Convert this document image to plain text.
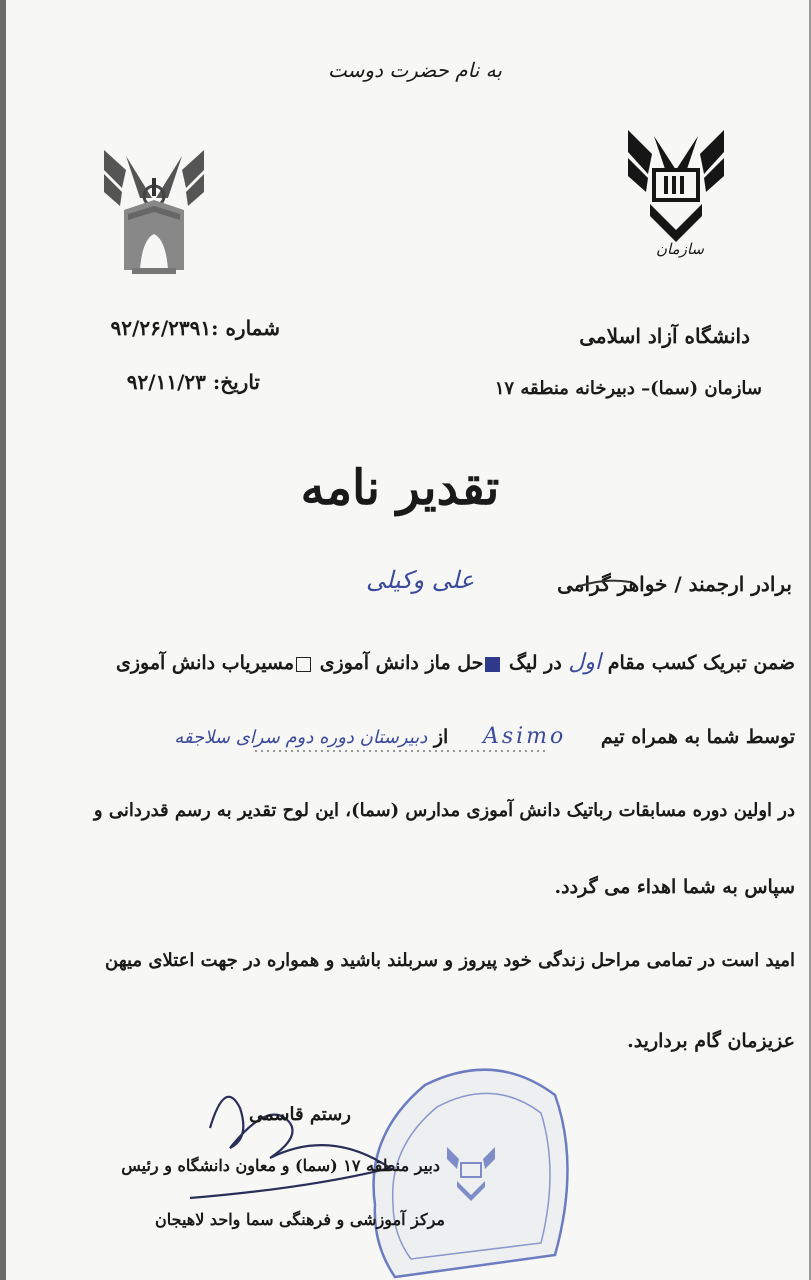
به نام حضرت دوست
سازمان
شماره :۹۲/۲۶/۲۳۹۱
تاریخ: ۹۲/۱۱/۲۳
دانشگاه آزاد اسلامی
سازمان (سما)– دبیرخانه منطقه ۱۷
تقدیر نامه
برادر ارجمند / خواهر گرامی
علی وکیلی
ضمن تبریک کسب مقام اول در لیگ حل ماز دانش آموزی مسیریاب دانش آموزی
توسط شما به همراه تیم Asimo از دبیرستان دوره دوم سرای سلاجقه
در اولین دوره مسابقات رباتیک دانش آموزی مدارس (سما)، این لوح تقدیر به رسم قدردانی و
سپاس به شما اهداء می گردد.
امید است در تمامی مراحل زندگی خود پیروز و سربلند باشید و همواره در جهت اعتلای میهن
عزیزمان گام بردارید.
رستم قاسمی
دبیر منطقه ۱۷ (سما) و معاون دانشگاه و رئیس
مرکز آموزشی و فرهنگی سما واحد لاهیجان
